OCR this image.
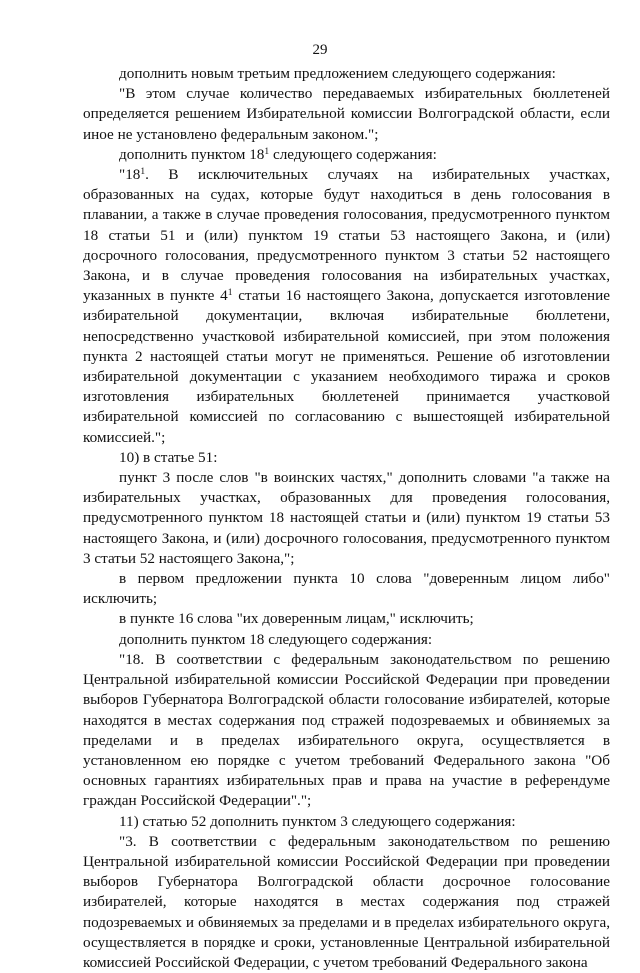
29

дополнить новым третьим предложением следующего содержания:

"В этом случае количество передаваемых избирательных бюллетеней определяется решением Избирательной комиссии Волгоградской области, если иное не установлено федеральным законом.";

дополнить пунктом $18^1$ следующего содержания:

"$18^1$. В исключительных случаях на избирательных участках, образованных на судах, которые будут находиться в день голосования в плавании, а также в случае проведения голосования, предусмотренного пунктом 18 статьи 51 и (или) пунктом 19 статьи 53 настоящего Закона, и (или) досрочного голосования, предусмотренного пунктом 3 статьи 52 настоящего Закона, и в случае проведения голосования на избирательных участках, указанных в пункте $4^1$ статьи 16 настоящего Закона, допускается изготовление избирательной документации, включая избирательные бюллетени, непосредственно участковой избирательной комиссией, при этом положения пункта 2 настоящей статьи могут не применяться. Решение об изготовлении избирательной документации с указанием необходимого тиража и сроков изготовления избирательных бюллетеней принимается участковой избирательной комиссией по согласованию с вышестоящей избирательной комиссией.";

10) в статье 51:

пункт 3 после слов "в воинских частях," дополнить словами "а также на избирательных участках, образованных для проведения голосования, предусмотренного пунктом 18 настоящей статьи и (или) пунктом 19 статьи 53 настоящего Закона, и (или) досрочного голосования, предусмотренного пунктом 3 статьи 52 настоящего Закона,";

в первом предложении пункта 10 слова "доверенным лицом либо" исключить;

в пункте 16 слова "их доверенным лицам," исключить;

дополнить пунктом 18 следующего содержания:

"18. В соответствии с федеральным законодательством по решению Центральной избирательной комиссии Российской Федерации при проведении выборов Губернатора Волгоградской области голосование избирателей, которые находятся в местах содержания под стражей подозреваемых и обвиняемых за пределами и в пределах избирательного округа, осуществляется в установленном ею порядке с учетом требований Федерального закона "Об основных гарантиях избирательных прав и права на участие в референдуме граждан Российской Федерации".";

11) статью 52 дополнить пунктом 3 следующего содержания:

"3. В соответствии с федеральным законодательством по решению Центральной избирательной комиссии Российской Федерации при проведении выборов Губернатора Волгоградской области досрочное голосование избирателей, которые находятся в местах содержания под стражей подозреваемых и обвиняемых за пределами и в пределах избирательного округа, осуществляется в порядке и сроки, установленные Центральной избирательной комиссией Российской Федерации, с учетом требований Федерального закона
